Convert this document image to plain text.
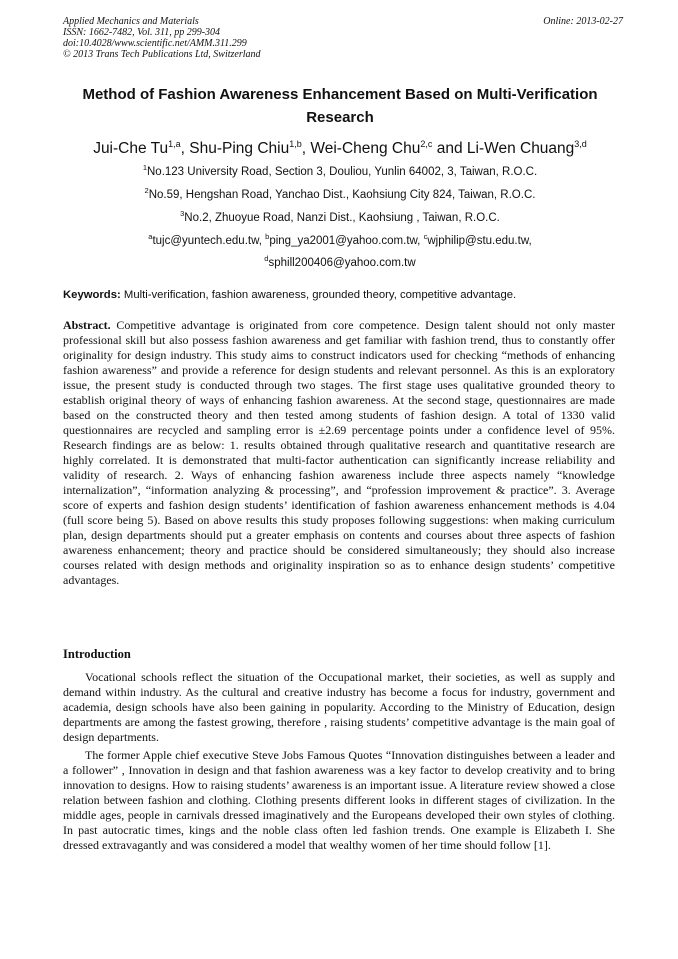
Applied Mechanics and Materials
ISSN: 1662-7482, Vol. 311, pp 299-304
doi:10.4028/www.scientific.net/AMM.311.299
© 2013 Trans Tech Publications Ltd, Switzerland
Online: 2013-02-27
Method of Fashion Awareness Enhancement Based on Multi-Verification Research
Jui-Che Tu$^{1,a}$, Shu-Ping Chiu$^{1,b}$, Wei-Cheng Chu$^{2,c}$ and Li-Wen Chuang$^{3,d}$
$^1$No.123 University Road, Section 3, Douliou, Yunlin 64002, 3, Taiwan, R.O.C.
$^2$No.59, Hengshan Road, Yanchao Dist., Kaohsiung City 824, Taiwan, R.O.C.
$^3$No.2, Zhuoyue Road, Nanzi Dist., Kaohsiung , Taiwan, R.O.C.
$^a$tujc@yuntech.edu.tw, $^b$ping_ya2001@yahoo.com.tw, $^c$wjphilip@stu.edu.tw,
$^d$sphill200406@yahoo.com.tw
Keywords: Multi-verification, fashion awareness, grounded theory, competitive advantage.

Abstract. Competitive advantage is originated from core competence. Design talent should not only master professional skill but also possess fashion awareness and get familiar with fashion trend, thus to constantly offer originality for design industry. This study aims to construct indicators used for checking “methods of enhancing fashion awareness” and provide a reference for design students and relevant personnel. As this is an exploratory issue, the present study is conducted through two stages. The first stage uses qualitative grounded theory to establish original theory of ways of enhancing fashion awareness. At the second stage, questionnaires are made based on the constructed theory and then tested among students of fashion design. A total of 1330 valid questionnaires are recycled and sampling error is ±2.69 percentage points under a confidence level of 95%. Research findings are as below: 1. results obtained through qualitative research and quantitative research are highly correlated. It is demonstrated that multi-factor authentication can significantly increase reliability and validity of research. 2. Ways of enhancing fashion awareness include three aspects namely “knowledge internalization”, “information analyzing & processing”, and “profession improvement & practice”. 3. Average score of experts and fashion design students’ identification of fashion awareness enhancement methods is 4.04 (full score being 5). Based on above results this study proposes following suggestions: when making curriculum plan, design departments should put a greater emphasis on contents and courses about three aspects of fashion awareness enhancement; theory and practice should be considered simultaneously; they should also increase courses related with design methods and originality inspiration so as to enhance design students’ competitive advantages.

Introduction

Vocational schools reflect the situation of the Occupational market, their societies, as well as supply and demand within industry. As the cultural and creative industry has become a focus for industry, government and academia, design schools have also been gaining in popularity. According to the Ministry of Education, design departments are among the fastest growing, therefore , raising students’ competitive advantage is the main goal of design departments.

The former Apple chief executive Steve Jobs Famous Quotes “Innovation distinguishes between a leader and a follower” , Innovation in design and that fashion awareness was a key factor to develop creativity and to bring innovation to designs. How to raising students’ awareness is an important issue. A literature review showed a close relation between fashion and clothing. Clothing presents different looks in different stages of civilization. In the middle ages, people in carnivals dressed imaginatively and the Europeans developed their own styles of clothing. In past autocratic times, kings and the noble class often led fashion trends. One example is Elizabeth I. She dressed extravagantly and was considered a model that wealthy women of her time should follow [1].
